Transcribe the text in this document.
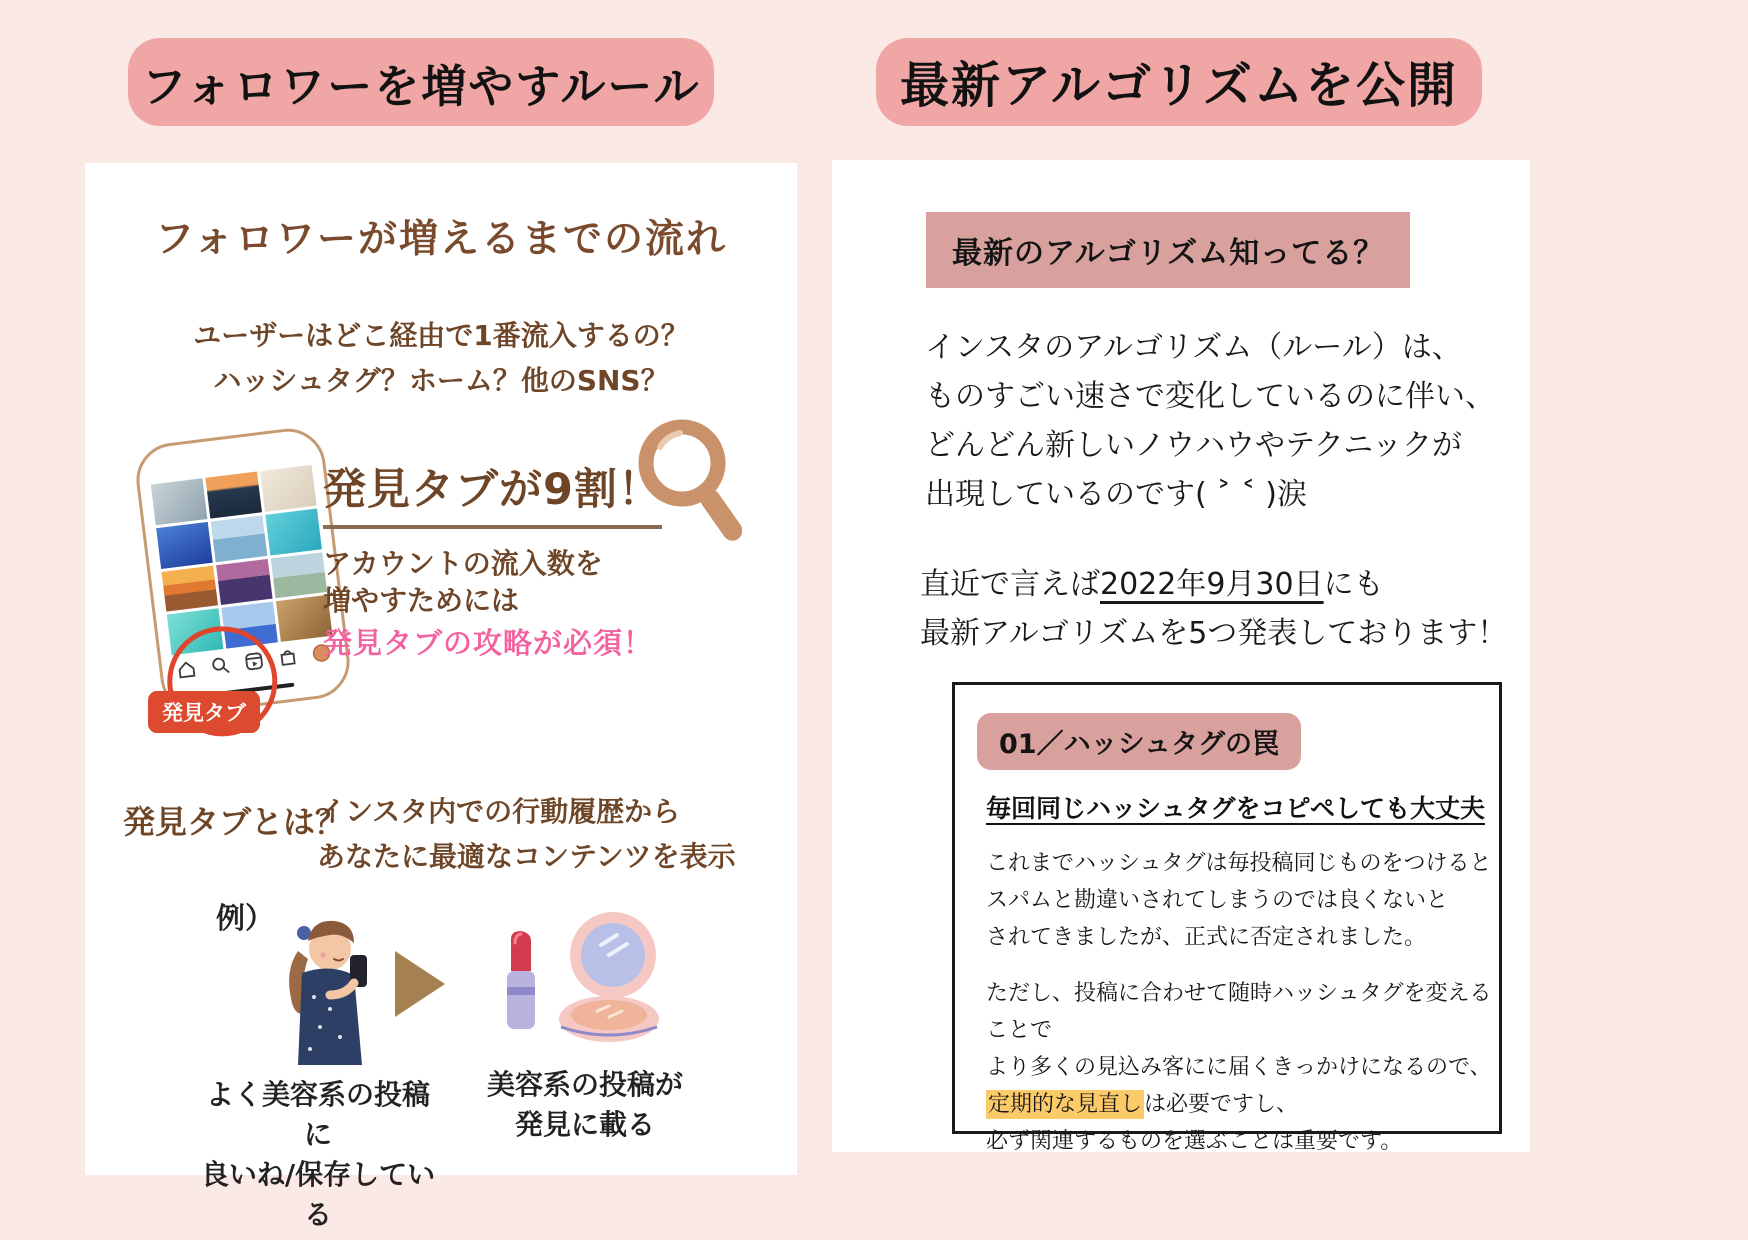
フォロワーを増やすルール	最新アルゴリズムを公開
フォロワーが増えるまでの流れ
ユーザーはどこ経由で1番流入するの？
ハッシュタグ？ホーム？他のSNS？
発見タブ
発見タブが9割！
アカウントの流入数を
増やすためには
発見タブの攻略が必須！
発見タブとは？
インスタ内での行動履歴から
あなたに最適なコンテンツを表示
例）
よく美容系の投稿に
良いね/保存している
美容系の投稿が
発見に載る
最新のアルゴリズム知ってる？
インスタのアルゴリズム（ルール）は、
ものすごい速さで変化しているのに伴い、
どんどん新しいノウハウやテクニックが
出現しているのです( ˃ ˂ )涙
直近で言えば2022年9月30日にも
最新アルゴリズムを5つ発表しております！
01／ハッシュタグの罠
毎回同じハッシュタグをコピペしても大丈夫
これまでハッシュタグは毎投稿同じものをつけると
スパムと勘違いされてしまうのでは良くないと
されてきましたが、正式に否定されました。
ただし、投稿に合わせて随時ハッシュタグを変えることで
より多くの見込み客にに届くきっかけになるので、
定期的な見直しは必要ですし、
必ず関連するものを選ぶことは重要です。
